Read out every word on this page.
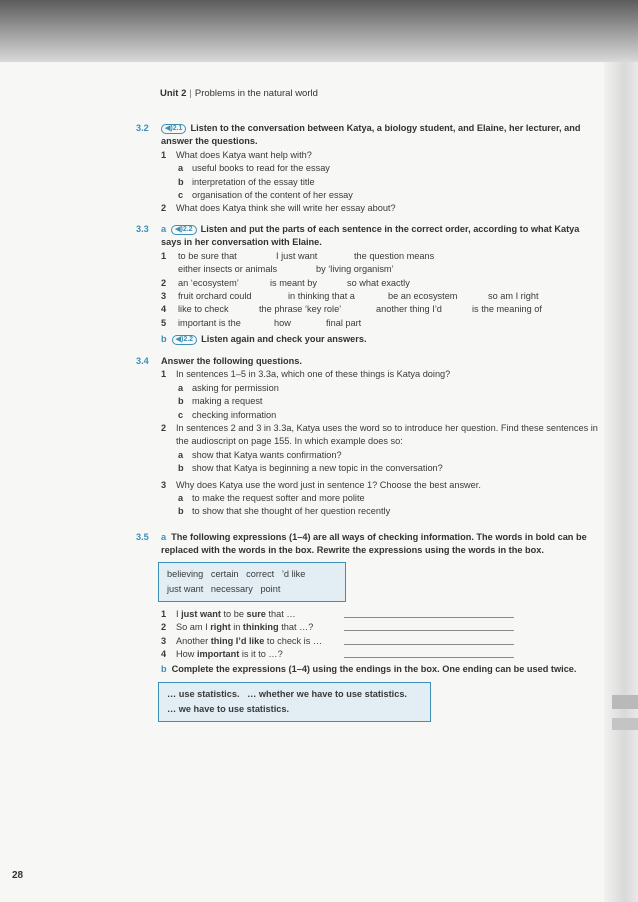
Unit 2 | Problems in the natural world
3.2	◀)2.1 Listen to the conversation between Katya, a biology student, and Elaine, her lecturer, and answer the questions.
1 What does Katya want help with?
a useful books to read for the essay
b interpretation of the essay title
c organisation of the content of her essay
2 What does Katya think she will write her essay about?
3.3	a ◀)2.2 Listen and put the parts of each sentence in the correct order, according to what Katya says in her conversation with Elaine.
1 to be sure that	I just want	the question means
either insects or animals	by ‘living organism’
2 an ‘ecosystem’	is meant by	so what exactly
3 fruit orchard could	in thinking that a	be an ecosystem	so am I right
4 like to check	the phrase ‘key role’	another thing I’d	is the meaning of
5 important is the	how	final part
b ◀)2.2 Listen again and check your answers.
3.4	Answer the following questions.
1 In sentences 1–5 in 3.3a, which one of these things is Katya doing?
a asking for permission
b making a request
c checking information
2 In sentences 2 and 3 in 3.3a, Katya uses the word so to introduce her question. Find these sentences in the audioscript on page 155. In which example does so:
a show that Katya wants confirmation?
b show that Katya is beginning a new topic in the conversation?
3 Why does Katya use the word just in sentence 1? Choose the best answer.
a to make the request softer and more polite
b to show that she thought of her question recently
3.5	a The following expressions (1–4) are all ways of checking information. The words in bold can be replaced with the words in the box. Rewrite the expressions using the words in the box.
believing   certain   correct   ’d like
just want   necessary   point
1 I just want to be sure that …
2 So am I right in thinking that …?
3 Another thing I’d like to check is …
4 How important is it to …?
b Complete the expressions (1–4) using the endings in the box. One ending can be used twice.
… use statistics.   … whether we have to use statistics.
… we have to use statistics.
28
